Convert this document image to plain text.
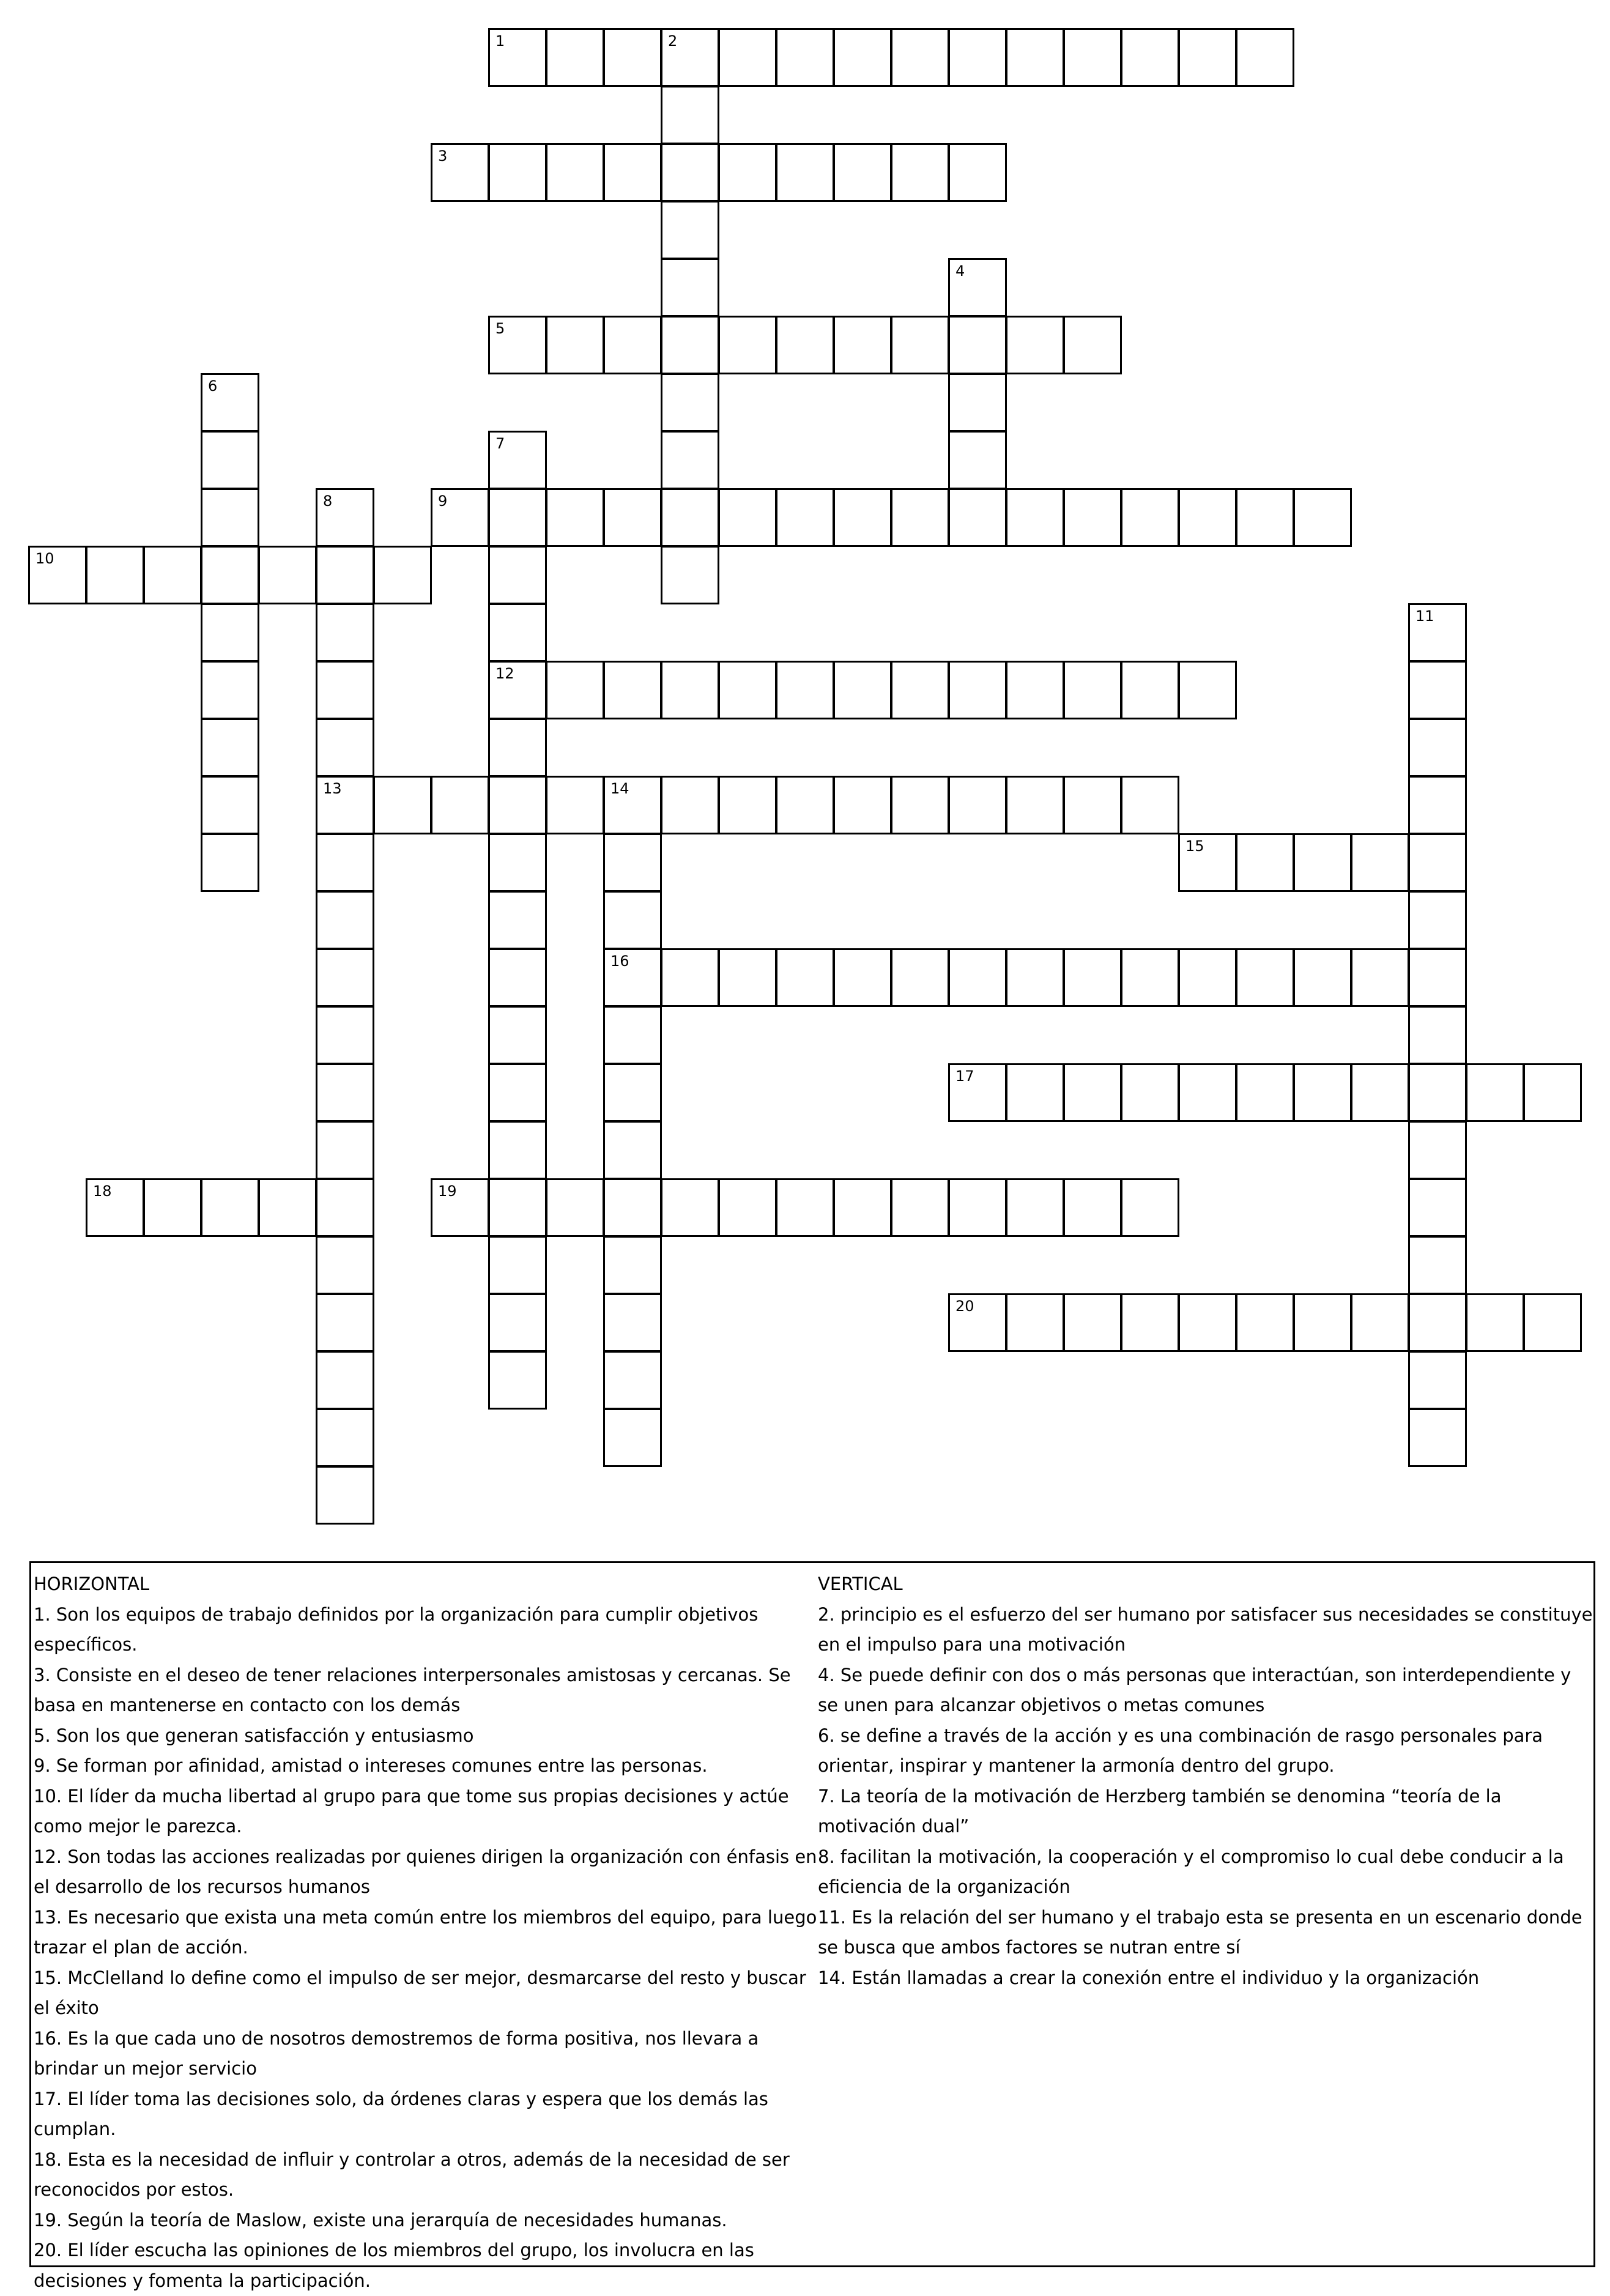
1	2
3
4
5
6
7
12
8
13
9
10
11
14
16
15
17
18	19
20

HORIZONTAL

1. Son los equipos de trabajo definidos por la organización para cumplir objetivos específicos.

3. Consiste en el deseo de tener relaciones interpersonales amistosas y cercanas. Se basa en mantenerse en contacto con los demás

5. Son los que generan satisfacción y entusiasmo

9. Se forman por afinidad, amistad o intereses comunes entre las personas.

10. El líder da mucha libertad al grupo para que tome sus propias decisiones y actúe como mejor le parezca.

12. Son todas las acciones realizadas por quienes dirigen la organización con énfasis en el desarrollo de los recursos humanos

13. Es necesario que exista una meta común entre los miembros del equipo, para luego trazar el plan de acción.

15. McClelland lo define como el impulso de ser mejor, desmarcarse del resto y buscar el éxito

16. Es la que cada uno de nosotros demostremos de forma positiva, nos llevara a brindar un mejor servicio

17. El líder toma las decisiones solo, da órdenes claras y espera que los demás las cumplan.

18. Esta es la necesidad de influir y controlar a otros, además de la necesidad de ser reconocidos por estos.

19. Según la teoría de Maslow, existe una jerarquía de necesidades humanas.

20. El líder escucha las opiniones de los miembros del grupo, los involucra en las decisiones y fomenta la participación.

VERTICAL

2. principio es el esfuerzo del ser humano por satisfacer sus necesidades se constituye en el impulso para una motivación

4. Se puede definir con dos o más personas que interactúan, son interdependiente y se unen para alcanzar objetivos o metas comunes

6. se define a través de la acción y es una combinación de rasgo personales para orientar, inspirar y mantener la armonía dentro del grupo.

7. La teoría de la motivación de Herzberg también se denomina “teoría de la motivación dual”

8. facilitan la motivación, la cooperación y el compromiso lo cual debe conducir a la eficiencia de la organización

11. Es la relación del ser humano y el trabajo esta se presenta en un escenario donde se busca que ambos factores se nutran entre sí

14. Están llamadas a crear la conexión entre el individuo y la organización
